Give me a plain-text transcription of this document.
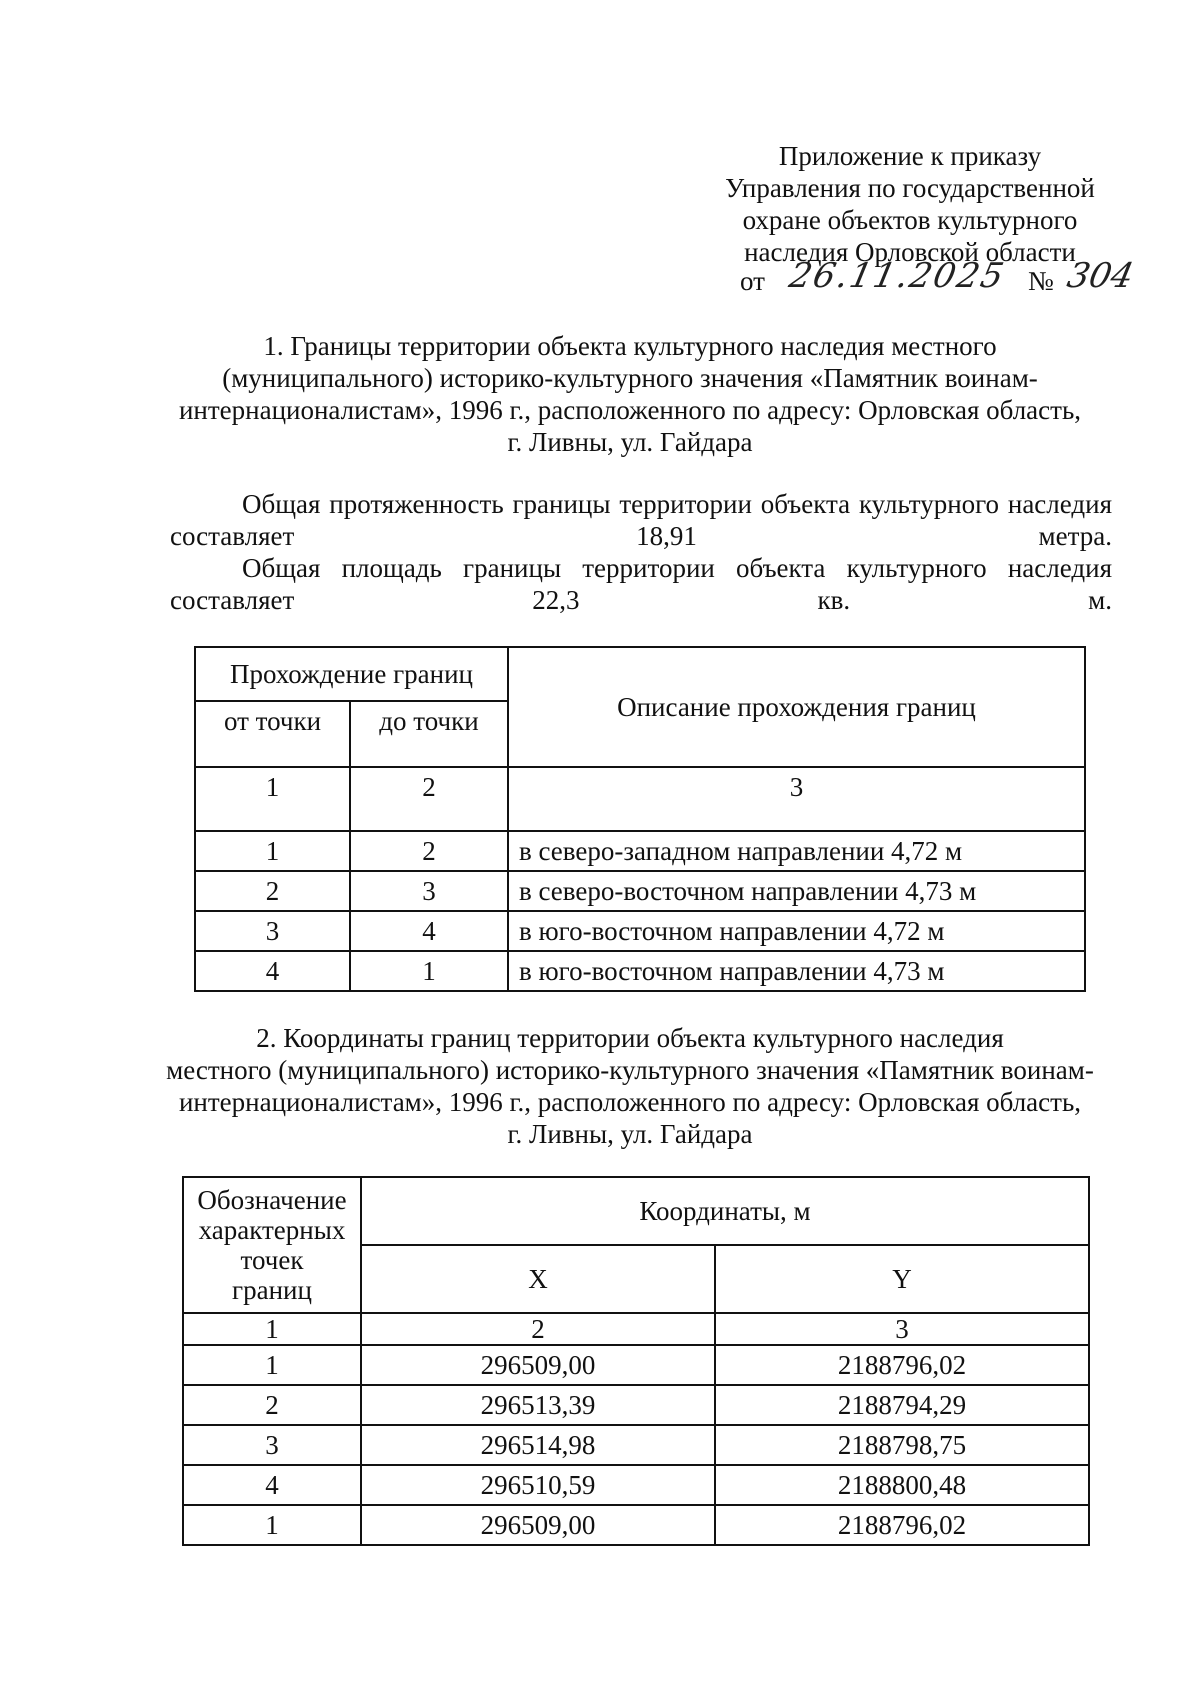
Приложение к приказу
Управления по государственной
охране объектов культурного
наследия Орловской области
от 26.11.2025 № 304
1. Границы территории объекта культурного наследия местного
(муниципального) историко-культурного значения «Памятник воинам-
интернационалистам», 1996 г., расположенного по адресу: Орловская область,
г. Ливны, ул. Гайдара
Общая протяженность границы территории объекта культурного наследия составляет 18,91 метра.
Общая площадь границы территории объекта культурного наследия составляет 22,3 кв. м.
Прохождение границ		Описание прохождения границ
от точки	до точки	
1	2	3
1	2	в северо-западном направлении 4,72 м
2	3	в северо-восточном направлении 4,73 м
3	4	в юго-восточном направлении 4,72 м
4	1	в юго-восточном направлении 4,73 м
2. Координаты границ территории объекта культурного наследия
местного (муниципального) историко-культурного значения «Памятник воинам-
интернационалистам», 1996 г., расположенного по адресу: Орловская область,
г. Ливны, ул. Гайдара
Обозначение
характерных
точек
границ	Координаты, м	
	X	Y
1	2	3
1	296509,00	2188796,02
2	296513,39	2188794,29
3	296514,98	2188798,75
4	296510,59	2188800,48
1	296509,00	2188796,02
